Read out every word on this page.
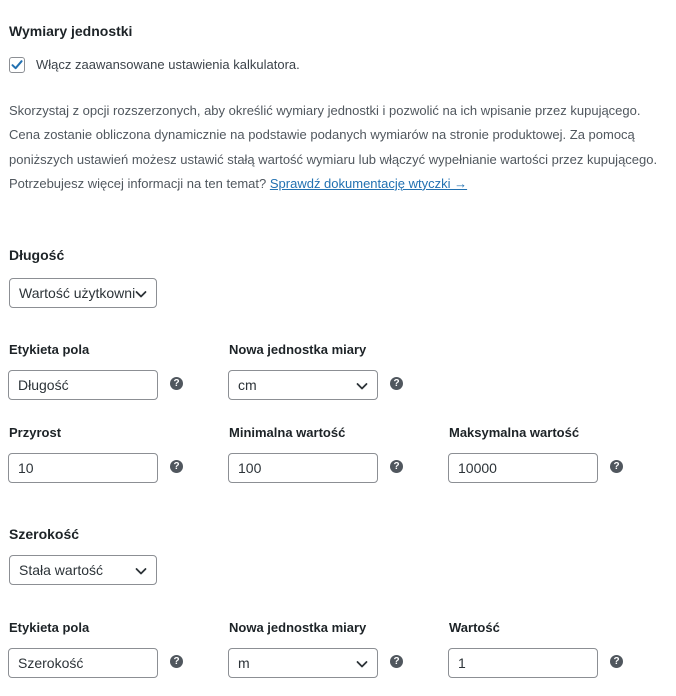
Wymiary jednostki
Włącz zaawansowane ustawienia kalkulatora.
Skorzystaj z opcji rozszerzonych, aby określić wymiary jednostki i pozwolić na ich wpisanie przez kupującego. Cena zostanie obliczona dynamicznie na podstawie podanych wymiarów na stronie produktowej. Za pomocą poniższych ustawień możesz ustawić stałą wartość wymiaru lub włączyć wypełnianie wartości przez kupującego. Potrzebujesz więcej informacji na ten temat? Sprawdź dokumentację wtyczki →
Długość
Wartość użytkowni
Etykieta pola
Długość	?
Nowa jednostka miary
cm	?
Przyrost
10	?
Minimalna wartość
100	?
Maksymalna wartość
10000	?
Szerokość
Stała wartość
Etykieta pola
Szerokość	?
Nowa jednostka miary
m	?
Wartość
1	?
